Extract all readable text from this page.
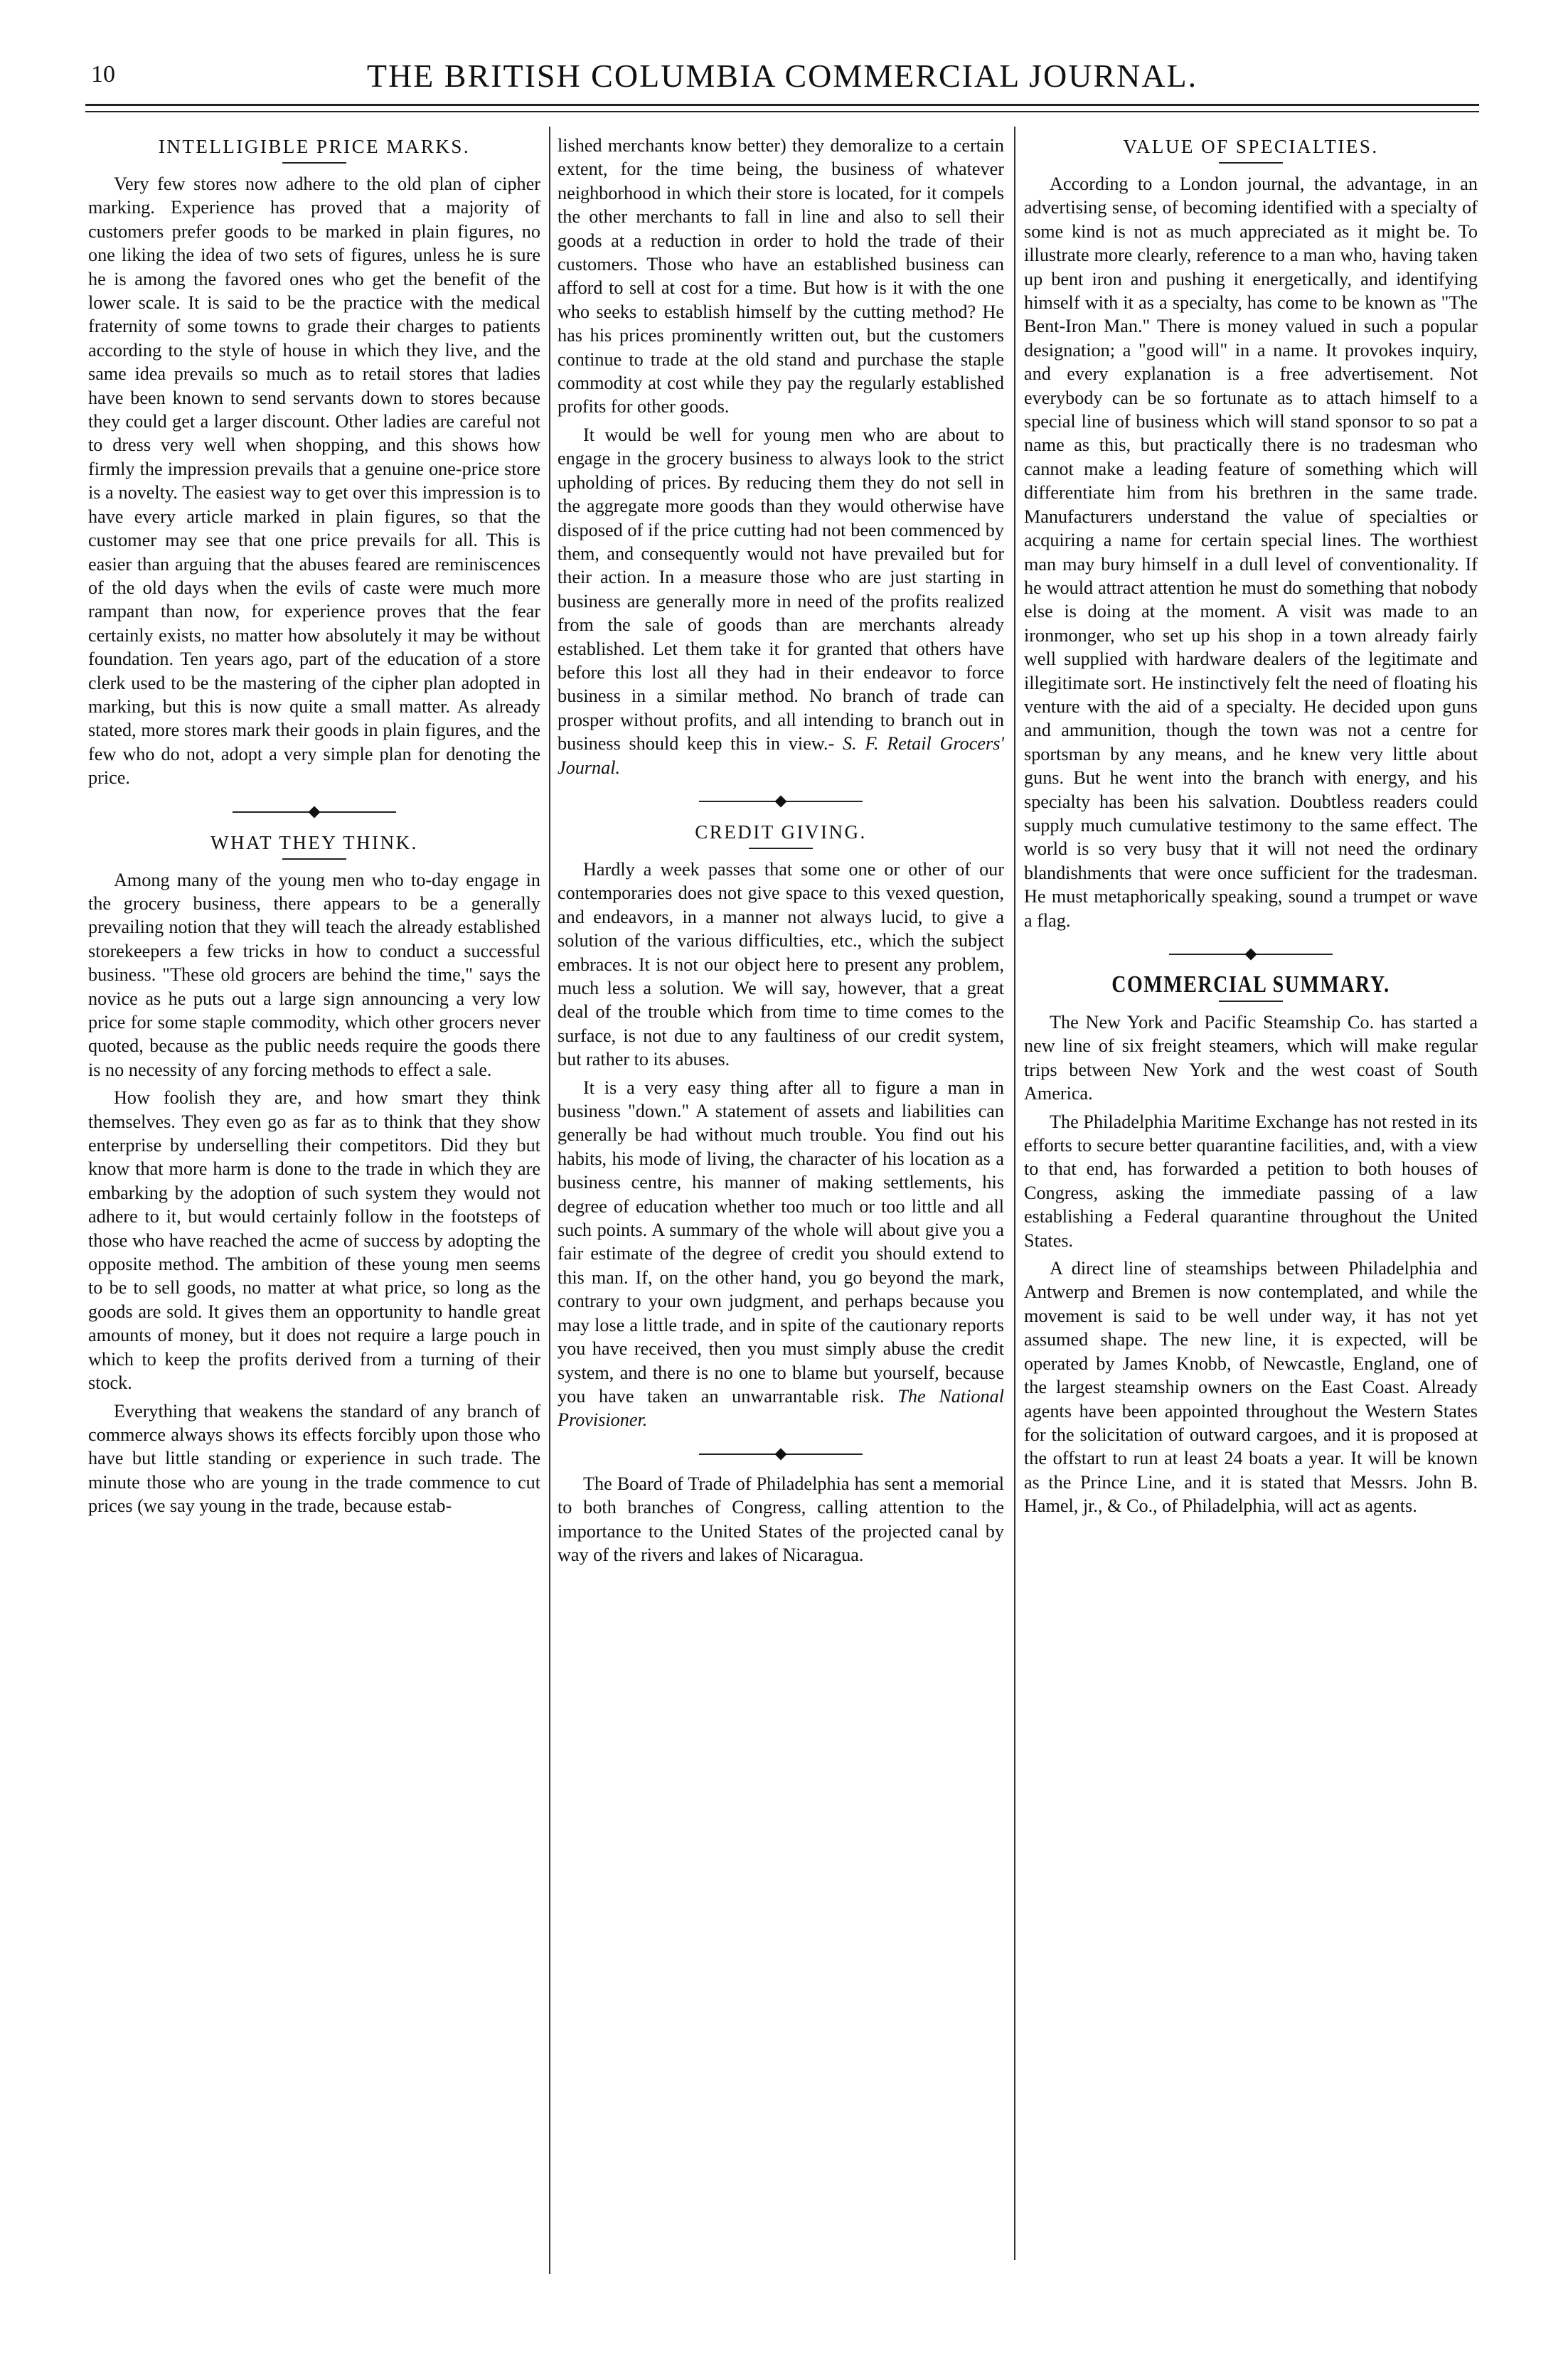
10	THE BRITISH COLUMBIA COMMERCIAL JOURNAL.
INTELLIGIBLE PRICE MARKS.

Very few stores now adhere to the old plan of cipher marking. Experience has proved that a majority of customers prefer goods to be marked in plain figures, no one liking the idea of two sets of figures, unless he is sure he is among the favored ones who get the benefit of the lower scale. It is said to be the practice with the medical fraternity of some towns to grade their charges to patients according to the style of house in which they live, and the same idea prevails so much as to retail stores that ladies have been known to send servants down to stores because they could get a larger discount. Other ladies are careful not to dress very well when shopping, and this shows how firmly the impression prevails that a genuine one-price store is a novelty. The easiest way to get over this impression is to have every article marked in plain figures, so that the customer may see that one price prevails for all. This is easier than arguing that the abuses feared are reminiscences of the old days when the evils of caste were much more rampant than now, for experience proves that the fear certainly exists, no matter how absolutely it may be without foundation. Ten years ago, part of the education of a store clerk used to be the mastering of the cipher plan adopted in marking, but this is now quite a small matter. As already stated, more stores mark their goods in plain figures, and the few who do not, adopt a very simple plan for denoting the price.

WHAT THEY THINK.

Among many of the young men who to-day engage in the grocery business, there appears to be a generally prevailing notion that they will teach the already established storekeepers a few tricks in how to conduct a successful business. "These old grocers are behind the time," says the novice as he puts out a large sign announcing a very low price for some staple commodity, which other grocers never quoted, because as the public needs require the goods there is no necessity of any forcing methods to effect a sale.

How foolish they are, and how smart they think themselves. They even go as far as to think that they show enterprise by underselling their competitors. Did they but know that more harm is done to the trade in which they are embarking by the adoption of such system they would not adhere to it, but would certainly follow in the footsteps of those who have reached the acme of success by adopting the opposite method. The ambition of these young men seems to be to sell goods, no matter at what price, so long as the goods are sold. It gives them an opportunity to handle great amounts of money, but it does not require a large pouch in which to keep the profits derived from a turning of their stock.

Everything that weakens the standard of any branch of commerce always shows its effects forcibly upon those who have but little standing or experience in such trade. The minute those who are young in the trade commence to cut prices (we say young in the trade, because estab-

lished merchants know better) they demoralize to a certain extent, for the time being, the business of whatever neighborhood in which their store is located, for it compels the other merchants to fall in line and also to sell their goods at a reduction in order to hold the trade of their customers. Those who have an established business can afford to sell at cost for a time. But how is it with the one who seeks to establish himself by the cutting method? He has his prices prominently written out, but the customers continue to trade at the old stand and purchase the staple commodity at cost while they pay the regularly established profits for other goods.

It would be well for young men who are about to engage in the grocery business to always look to the strict upholding of prices. By reducing them they do not sell in the aggregate more goods than they would otherwise have disposed of if the price cutting had not been commenced by them, and consequently would not have prevailed but for their action. In a measure those who are just starting in business are generally more in need of the profits realized from the sale of goods than are merchants already established. Let them take it for granted that others have before this lost all they had in their endeavor to force business in a similar method. No branch of trade can prosper without profits, and all intending to branch out in business should keep this in view.- S. F. Retail Grocers' Journal.

CREDIT GIVING.

Hardly a week passes that some one or other of our contemporaries does not give space to this vexed question, and endeavors, in a manner not always lucid, to give a solution of the various difficulties, etc., which the subject embraces. It is not our object here to present any problem, much less a solution. We will say, however, that a great deal of the trouble which from time to time comes to the surface, is not due to any faultiness of our credit system, but rather to its abuses.

It is a very easy thing after all to figure a man in business "down." A statement of assets and liabilities can generally be had without much trouble. You find out his habits, his mode of living, the character of his location as a business centre, his manner of making settlements, his degree of education whether too much or too little and all such points. A summary of the whole will about give you a fair estimate of the degree of credit you should extend to this man. If, on the other hand, you go beyond the mark, contrary to your own judgment, and perhaps because you may lose a little trade, and in spite of the cautionary reports you have received, then you must simply abuse the credit system, and there is no one to blame but yourself, because you have taken an unwarrantable risk. The National Provisioner.

The Board of Trade of Philadelphia has sent a memorial to both branches of Congress, calling attention to the importance to the United States of the projected canal by way of the rivers and lakes of Nicaragua.

VALUE OF SPECIALTIES.

According to a London journal, the advantage, in an advertising sense, of becoming identified with a specialty of some kind is not as much appreciated as it might be. To illustrate more clearly, reference to a man who, having taken up bent iron and pushing it energetically, and identifying himself with it as a specialty, has come to be known as "The Bent-Iron Man." There is money valued in such a popular designation; a "good will" in a name. It provokes inquiry, and every explanation is a free advertisement. Not everybody can be so fortunate as to attach himself to a special line of business which will stand sponsor to so pat a name as this, but practically there is no tradesman who cannot make a leading feature of something which will differentiate him from his brethren in the same trade. Manufacturers understand the value of specialties or acquiring a name for certain special lines. The worthiest man may bury himself in a dull level of conventionality. If he would attract attention he must do something that nobody else is doing at the moment. A visit was made to an ironmonger, who set up his shop in a town already fairly well supplied with hardware dealers of the legitimate and illegitimate sort. He instinctively felt the need of floating his venture with the aid of a specialty. He decided upon guns and ammunition, though the town was not a centre for sportsman by any means, and he knew very little about guns. But he went into the branch with energy, and his specialty has been his salvation. Doubtless readers could supply much cumulative testimony to the same effect. The world is so very busy that it will not need the ordinary blandishments that were once sufficient for the tradesman. He must metaphorically speaking, sound a trumpet or wave a flag.

COMMERCIAL SUMMARY.

The New York and Pacific Steamship Co. has started a new line of six freight steamers, which will make regular trips between New York and the west coast of South America.

The Philadelphia Maritime Exchange has not rested in its efforts to secure better quarantine facilities, and, with a view to that end, has forwarded a petition to both houses of Congress, asking the immediate passing of a law establishing a Federal quarantine throughout the United States.

A direct line of steamships between Philadelphia and Antwerp and Bremen is now contemplated, and while the movement is said to be well under way, it has not yet assumed shape. The new line, it is expected, will be operated by James Knobb, of Newcastle, England, one of the largest steamship owners on the East Coast. Already agents have been appointed throughout the Western States for the solicitation of outward cargoes, and it is proposed at the offstart to run at least 24 boats a year. It will be known as the Prince Line, and it is stated that Messrs. John B. Hamel, jr., & Co., of Philadelphia, will act as agents.
